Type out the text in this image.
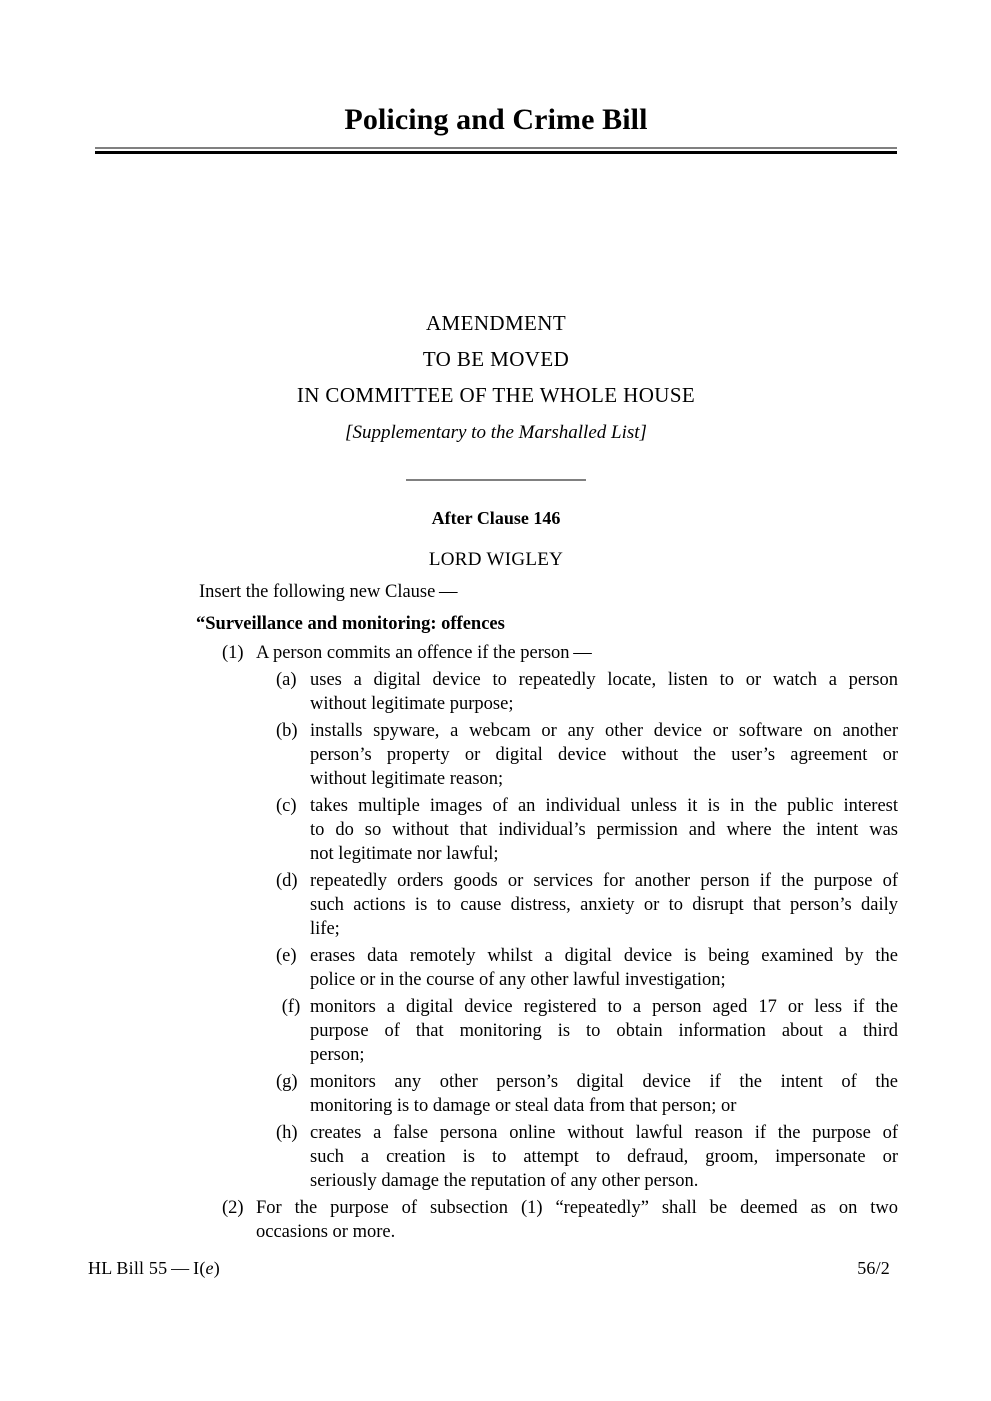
Policing and Crime Bill
AMENDMENT
TO BE MOVED
IN COMMITTEE OF THE WHOLE HOUSE
[Supplementary to the Marshalled List]
After Clause 146
LORD WIGLEY

Insert the following new Clause —

“Surveillance and monitoring: offences

(1) A person commits an offence if the person —
(a) uses a digital device to repeatedly locate, listen to or watch a person
without legitimate purpose;
(b) installs spyware, a webcam or any other device or software on another
person’s property or digital device without the user’s agreement or
without legitimate reason;
(c) takes multiple images of an individual unless it is in the public interest
to do so without that individual’s permission and where the intent was
not legitimate nor lawful;
(d) repeatedly orders goods or services for another person if the purpose of
such actions is to cause distress, anxiety or to disrupt that person’s daily
life;
(e) erases data remotely whilst a digital device is being examined by the
police or in the course of any other lawful investigation;
(f) monitors a digital device registered to a person aged 17 or less if the
purpose of that monitoring is to obtain information about a third
person;
(g) monitors any other person’s digital device if the intent of the
monitoring is to damage or steal data from that person; or
(h) creates a false persona online without lawful reason if the purpose of
such a creation is to attempt to defraud, groom, impersonate or
seriously damage the reputation of any other person.
(2) For the purpose of subsection (1) “repeatedly” shall be deemed as on two
occasions or more.
HL Bill 55 — I(e)	56/2
